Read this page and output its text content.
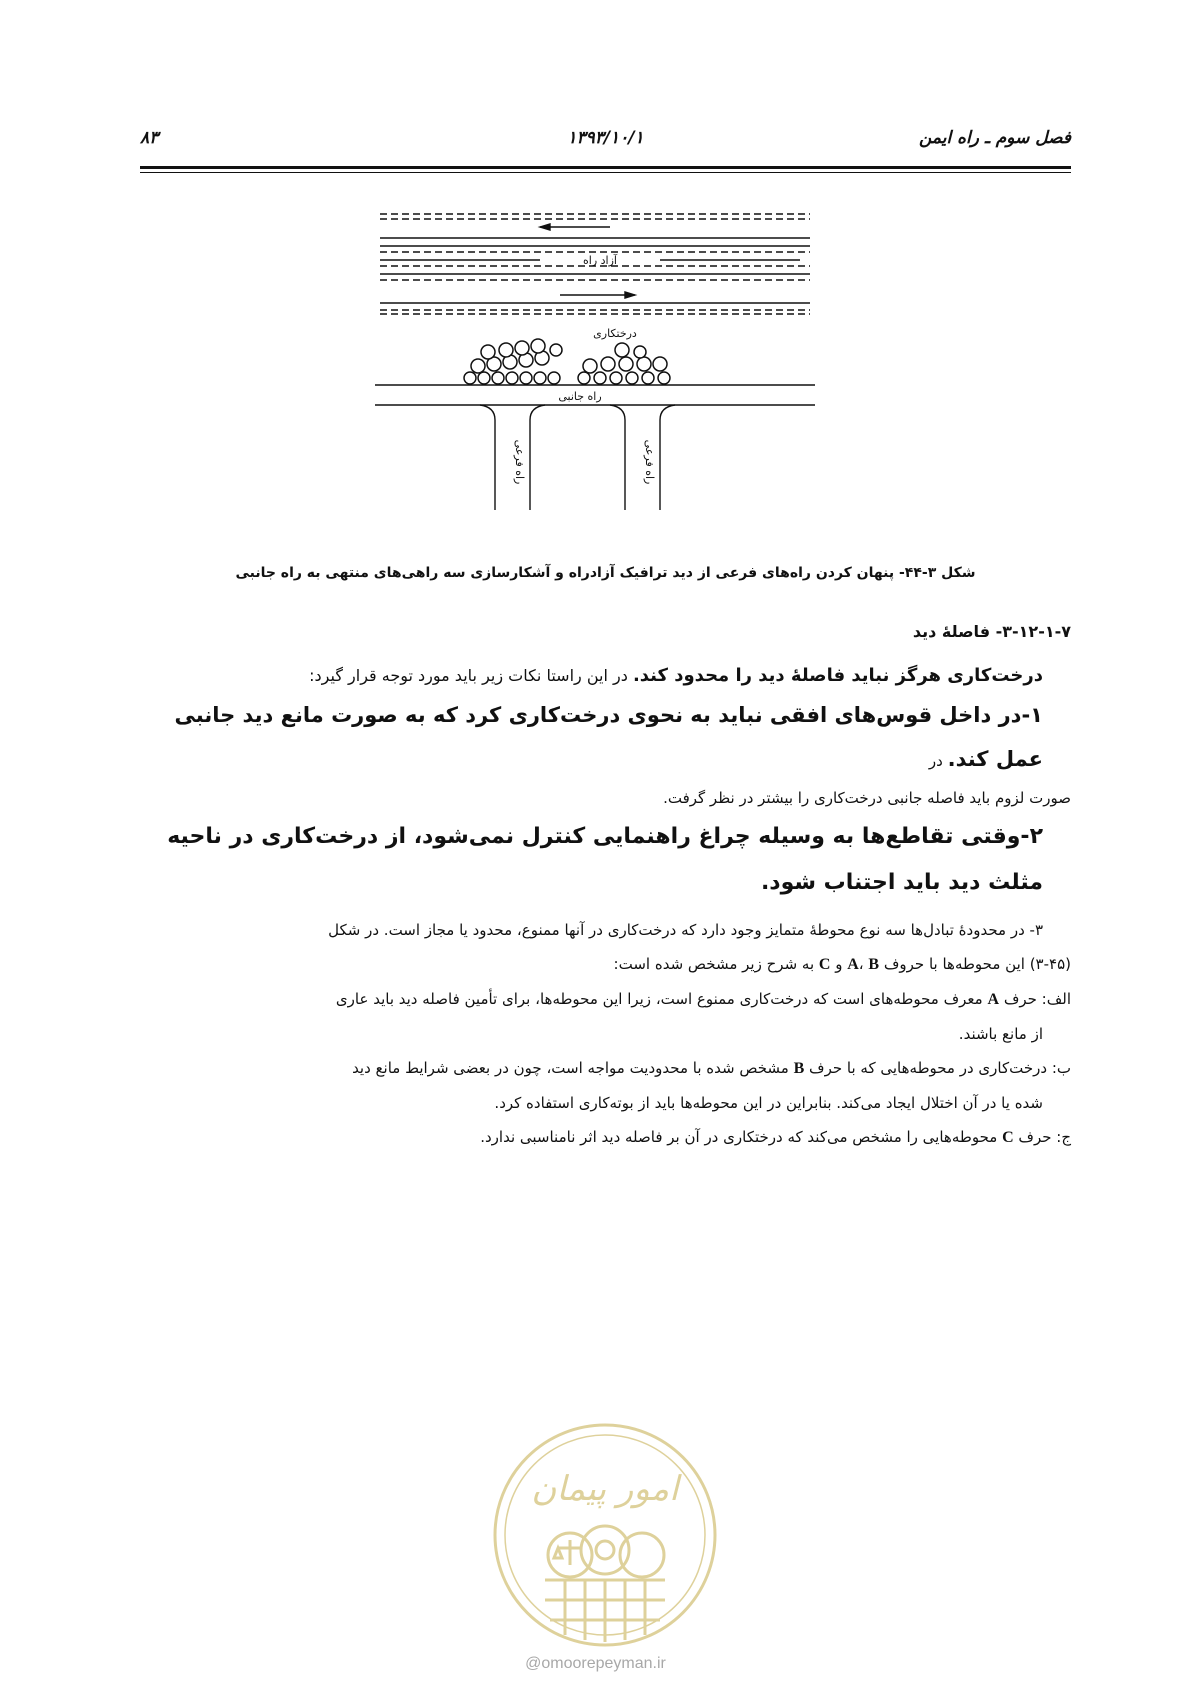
فصل سوم ـ راه ایمن
۱۳۹۳/۱۰/۱
۸۳
آزاد راه
درختکاری
راه جانبی
راه فرعی	راه فرعی
شکل ۳-۴۴- پنهان کردن راه‌های فرعی از دید ترافیک آزادراه و آشکارسازی سه راهی‌های منتهی به راه جانبی
۳-۱۲-۱-۷- فاصلهٔ دید

درخت‌کاری هرگز نباید فاصلهٔ دید را محدود کند. در این راستا نکات زیر باید مورد توجه قرار گیرد:

۱-در داخل قوس‌های افقی نباید به نحوی درخت‌کاری کرد که به صورت مانع دید جانبی عمل کند. در

صورت لزوم باید فاصله جانبی درخت‌کاری را بیشتر در نظر گرفت.

۲-وقتی تقاطع‌ها به وسیله چراغ راهنمایی کنترل نمی‌شود، از درخت‌کاری در ناحیه مثلث دید باید اجتناب شود.

۳- در محدودهٔ تبادل‌ها سه نوع محوطهٔ متمایز وجود دارد که درخت‌کاری در آنها ممنوع، محدود یا مجاز است. در شکل

(۳-۴۵) این محوطه‌ها با حروف A، B و C به شرح زیر مشخص شده است:

الف: حرف A معرف محوطه‌های است که درخت‌کاری ممنوع است، زیرا این محوطه‌ها، برای تأمین فاصله دید باید عاری

از مانع باشند.

ب: درخت‌کاری در محوطه‌هایی که با حرف B مشخص شده با محدودیت مواجه است، چون در بعضی شرایط مانع دید

شده یا در آن اختلال ایجاد می‌کند. بنابراین در این محوطه‌ها باید از بوته‌کاری استفاده کرد.

ج: حرف C محوطه‌هایی را مشخص می‌کند که درختکاری در آن بر فاصله دید اثر نامناسبی ندارد.

امور پیمان
@omoorepeyman.ir
